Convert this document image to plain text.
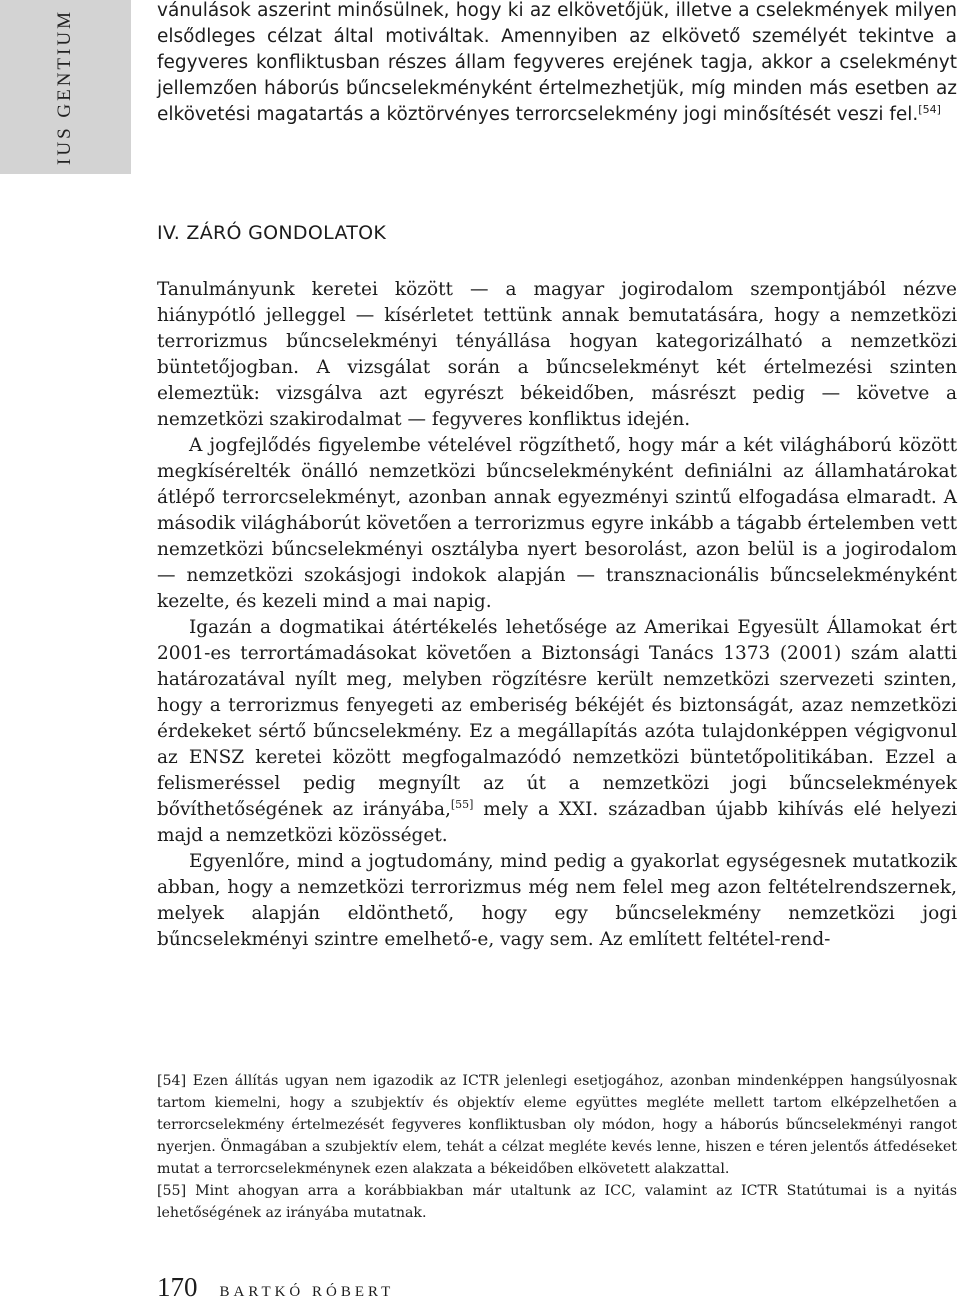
IUS GENTIUM	vánulások aszerint minősülnek, hogy ki az elkövetőjük, illetve a cselekmények milyen elsődleges célzat által motiváltak. Amennyiben az elkövető személyét tekintve a fegyveres konfliktusban részes állam fegyveres erejének tagja, akkor a cselekményt jellemzően háborús bűncselekményként értelmezhetjük, míg minden más esetben az elkövetési magatartás a köztörvényes terrorcselekmény jogi minősítését veszi fel.[54]

IV. ZÁRÓ GONDOLATOK

Tanulmányunk keretei között — a magyar jogirodalom szempontjából nézve hiánypótló jelleggel — kísérletet tettünk annak bemutatására, hogy a nemzetközi terrorizmus bűncselekményi tényállása hogyan kategorizálható a nemzetközi büntetőjogban. A vizsgálat során a bűncselekményt két értelmezési szinten elemeztük: vizsgálva azt egyrészt békeidőben, másrészt pedig — követve a nemzetközi szakirodalmat — fegyveres konfliktus idején.

A jogfejlődés figyelembe vételével rögzíthető, hogy már a két világháború között megkísérelték önálló nemzetközi bűncselekményként definiálni az államhatárokat átlépő terrorcselekményt, azonban annak egyezményi szintű elfogadása elmaradt. A második világháborút követően a terrorizmus egyre inkább a tágabb értelemben vett nemzetközi bűncselekményi osztályba nyert besorolást, azon belül is a jogirodalom — nemzetközi szokásjogi indokok alapján — transznacionális bűncselekményként kezelte, és kezeli mind a mai napig.

Igazán a dogmatikai átértékelés lehetősége az Amerikai Egyesült Államokat ért 2001-es terrortámadásokat követően a Biztonsági Tanács 1373 (2001) szám alatti határozatával nyílt meg, melyben rögzítésre került nemzetközi szervezeti szinten, hogy a terrorizmus fenyegeti az emberiség békéjét és biztonságát, azaz nemzetközi érdekeket sértő bűncselekmény. Ez a megállapítás azóta tulajdonképpen végigvonul az ENSZ keretei között megfogalmazódó nemzetközi büntetőpolitikában. Ezzel a felismeréssel pedig megnyílt az út a nemzetközi jogi bűncselekmények bővíthetőségének az irányába,[55] mely a XXI. században újabb kihívás elé helyezi majd a nemzetközi közösséget.

Egyenlőre, mind a jogtudomány, mind pedig a gyakorlat egységesnek mutatkozik abban, hogy a nemzetközi terrorizmus még nem felel meg azon feltételrendszernek, melyek alapján eldönthető, hogy egy bűncselekmény nemzetközi jogi bűncselekményi szintre emelhető-e, vagy sem. Az említett feltétel-rend-

[54] Ezen állítás ugyan nem igazodik az ICTR jelenlegi esetjogához, azonban mindenképpen hangsúlyosnak tartom kiemelni, hogy a szubjektív és objektív eleme együttes megléte mellett tartom elképzelhetően a terrorcselekmény értelmezését fegyveres konfliktusban oly módon, hogy a háborús bűncselekményi rangot nyerjen. Önmagában a szubjektív elem, tehát a célzat megléte kevés lenne, hiszen e téren jelentős átfedéseket mutat a terrorcselekménynek ezen alakzata a békeidőben elkövetett alakzattal.

[55] Mint ahogyan arra a korábbiakban már utaltunk az ICC, valamint az ICTR Statútumai is a nyitás lehetőségének az irányába mutatnak.

170 BARTKÓ RÓBERT
